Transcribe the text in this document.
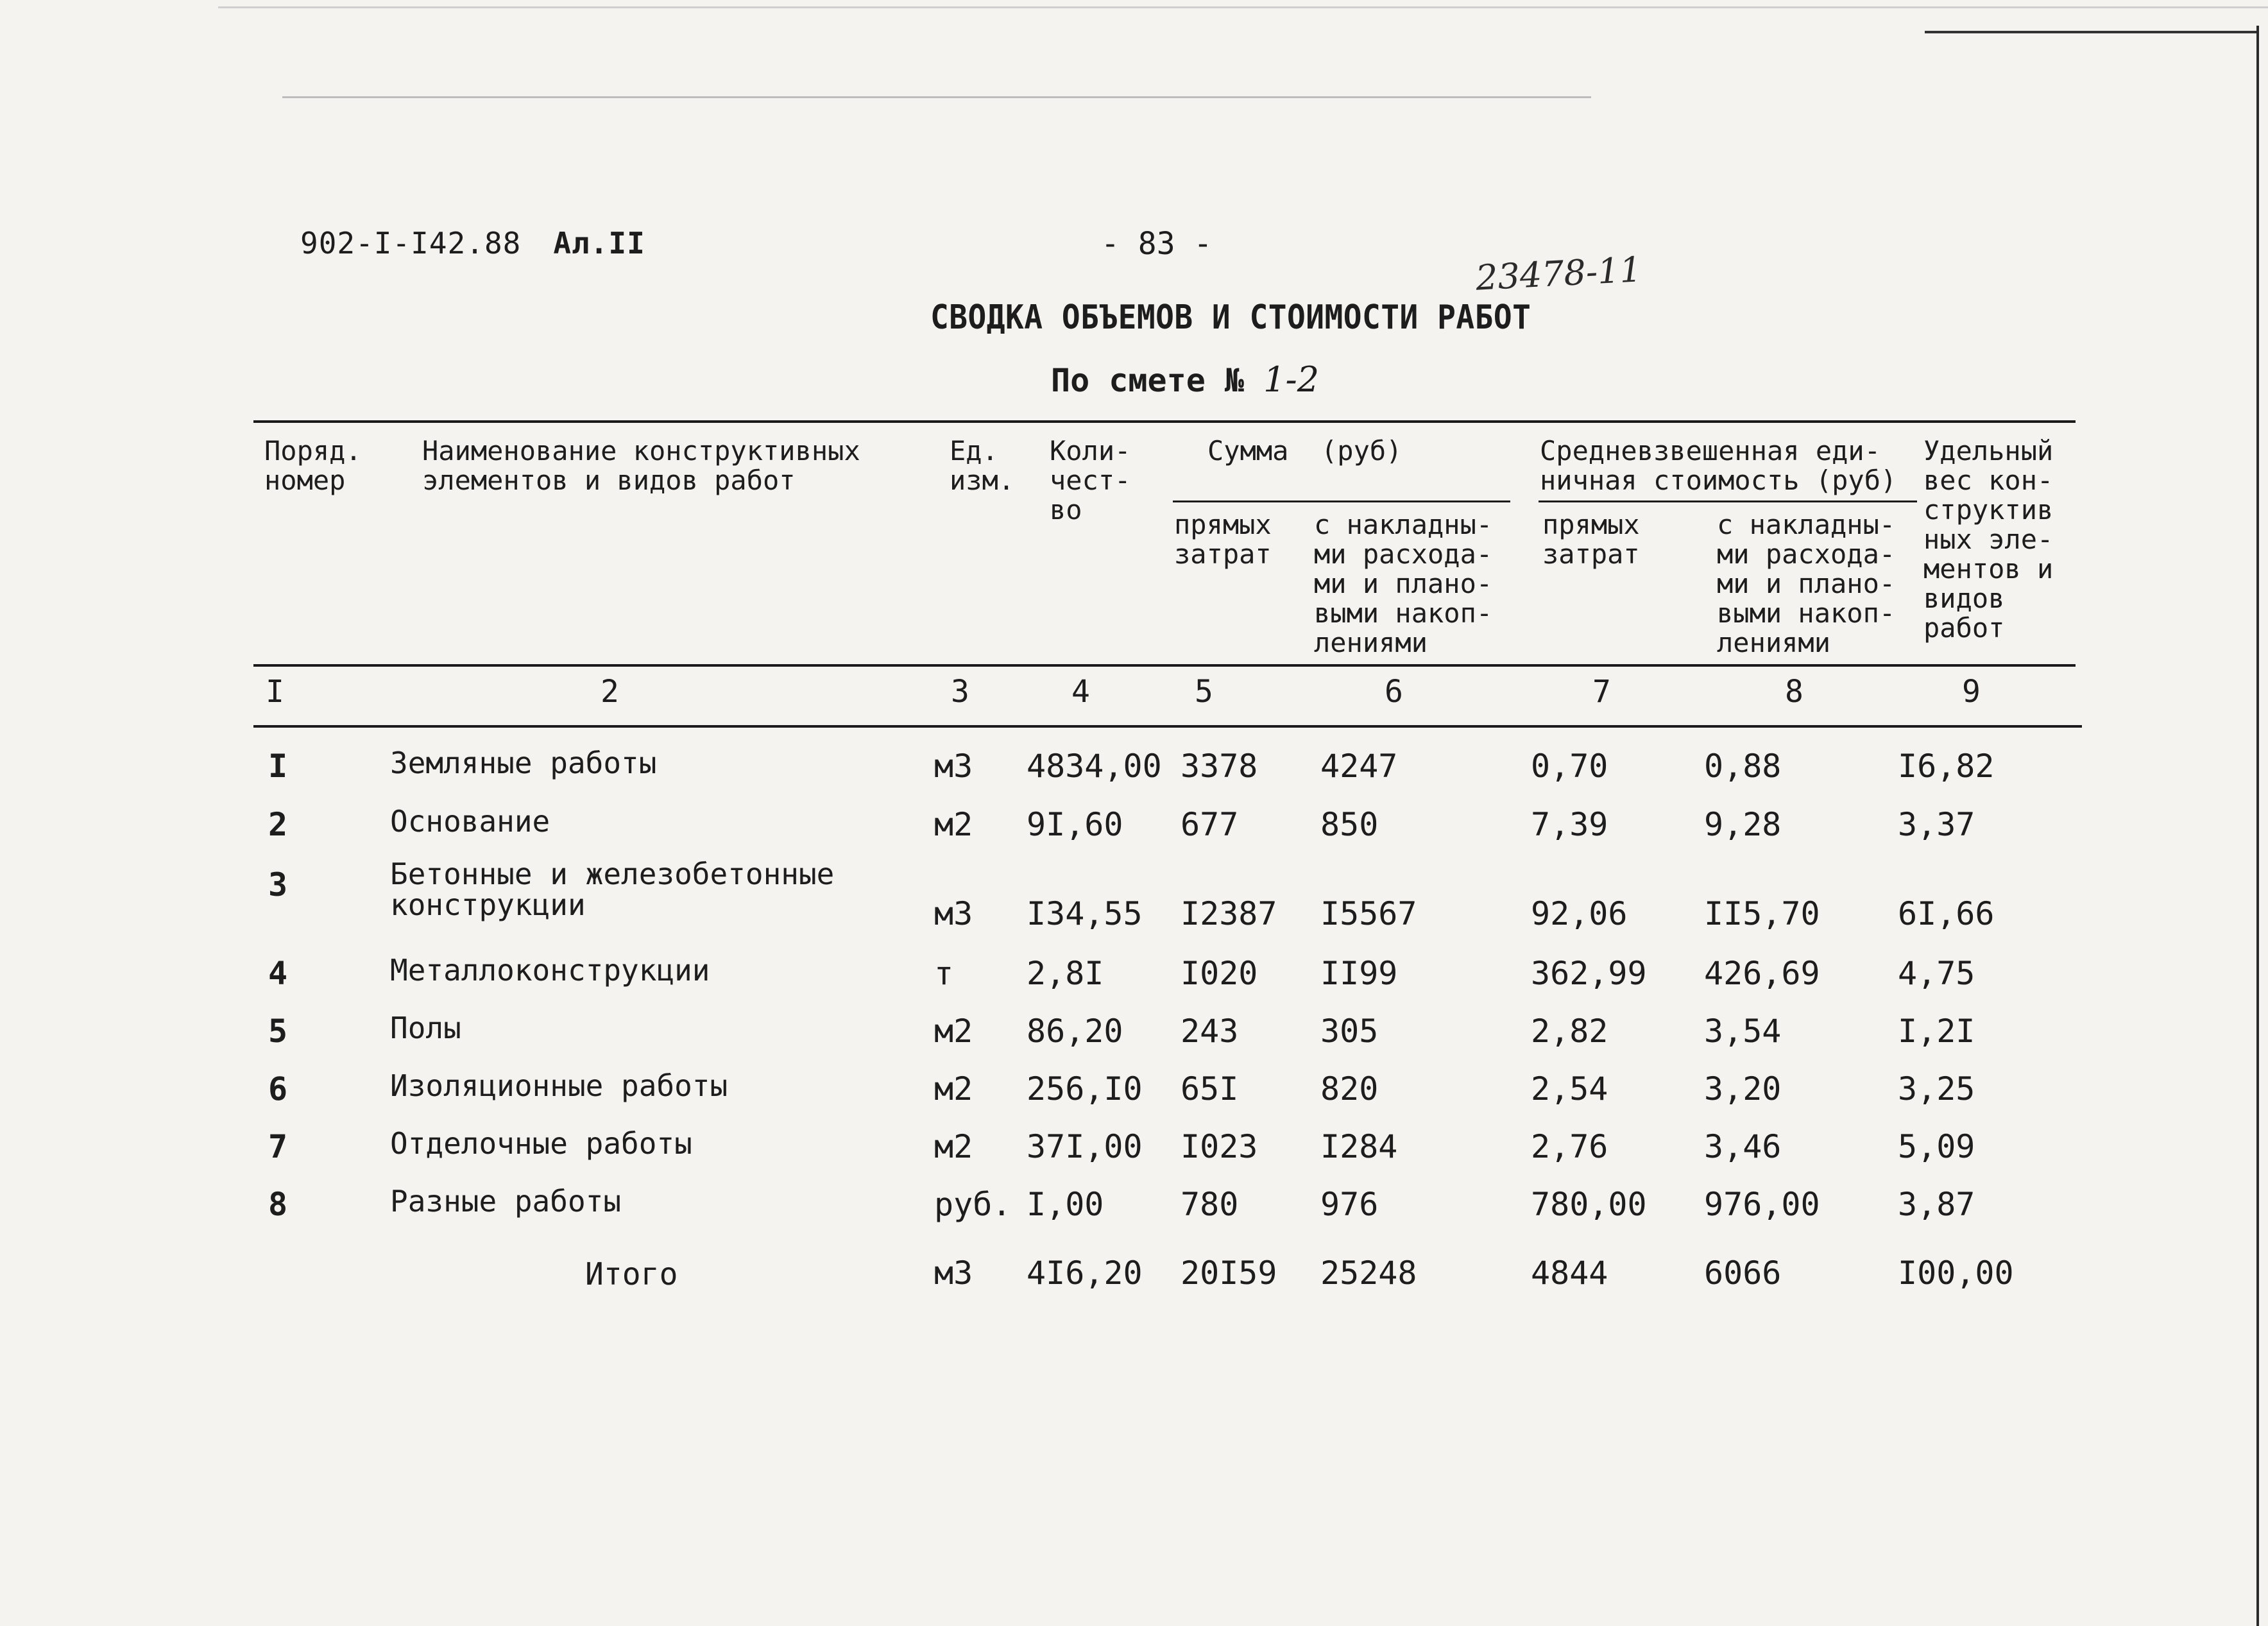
902-I-I42.88 Ал.II	- 83 -
23478-11
СВОДКА ОБЪЕМОВ И СТОИМОСТИ РАБОТ
По смете № 1-2
Поряд.
номер
Наименование конструктивных
элементов и видов работ
Ед.
изм.
Коли-
чест-
во
Сумма  (руб)
прямых
затрат
с накладны-
ми расхода-
ми и плано-
выми накоп-
лениями
Средневзвешенная еди-
ничная стоимость (руб)
прямых
затрат
с накладны-
ми расхода-
ми и плано-
выми накоп-
лениями
Удельный
вес кон-
структив
ных эле-
ментов и
видов
работ
I	2	3	4	5	6	7	8	9
I	Земляные работы	м3 4834,00 3378 4247	0,70	0,88	I6,82
2	Основание	м2 9I,60 677	850	7,39	9,28	3,37
3	Бетонные и железобетонные конструкции	м3 I34,55 I2387 I5567	92,06 II5,70 6I,66
4	Металлоконструкции	т 2,8I I020 II99	362,99 426,69 4,75
5	Полы	м2 86,20 243	305	2,82	3,54	I,2I
6	Изоляционные работы	м2 256,I0 65I	820	2,54	3,20	3,25
7	Отделочные работы	м2 37I,00 I023 I284	2,76	3,46	5,09
8	Разные работы	руб. I,00 780	976	780,00 976,00 3,87
Итого	м3 4I6,20 20I59 25248	4844	6066	I00,00
